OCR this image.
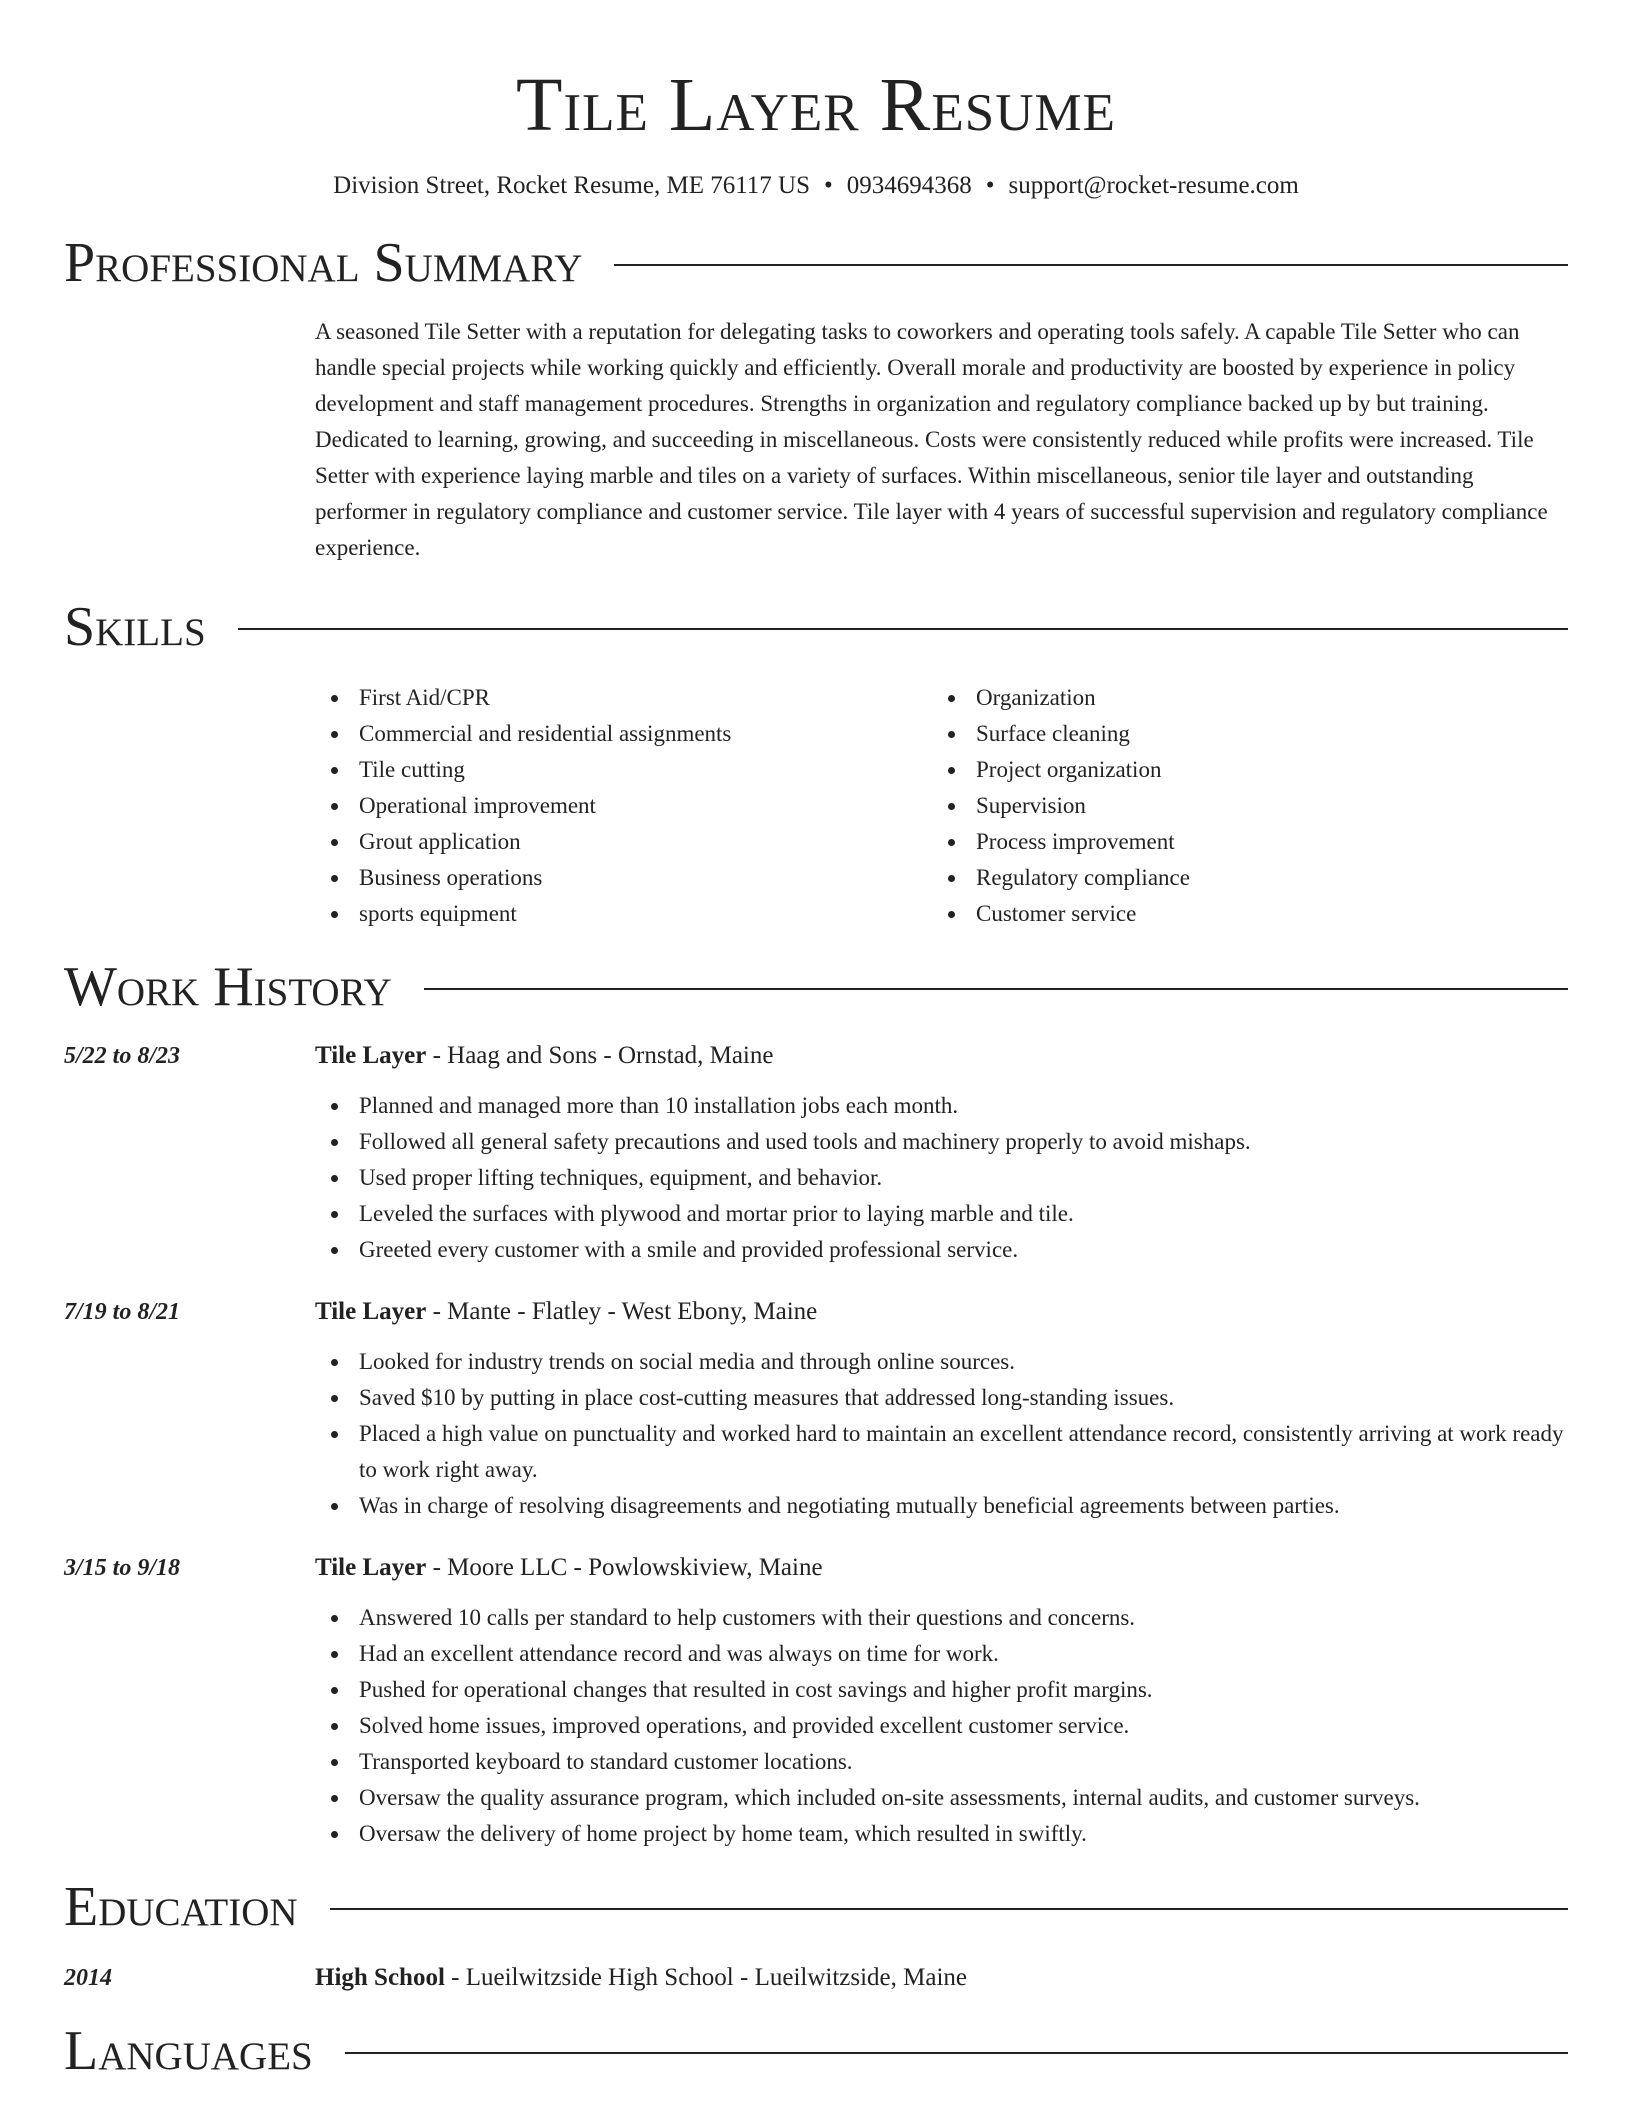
Tile Layer Resume
Division Street, Rocket Resume, ME 76117 US • 0934694368 • support@rocket-resume.com
Professional Summary
A seasoned Tile Setter with a reputation for delegating tasks to coworkers and operating tools safely. A capable Tile Setter who can handle special projects while working quickly and efficiently. Overall morale and productivity are boosted by experience in policy development and staff management procedures. Strengths in organization and regulatory compliance backed up by but training. Dedicated to learning, growing, and succeeding in miscellaneous. Costs were consistently reduced while profits were increased. Tile Setter with experience laying marble and tiles on a variety of surfaces. Within miscellaneous, senior tile layer and outstanding performer in regulatory compliance and customer service. Tile layer with 4 years of successful supervision and regulatory compliance experience.
Skills
First Aid/CPR
Commercial and residential assignments
Tile cutting
Operational improvement
Grout application
Business operations
sports equipment
Organization
Surface cleaning
Project organization
Supervision
Process improvement
Regulatory compliance
Customer service
Work History
5/22 to 8/23	Tile Layer - Haag and Sons - Ornstad, Maine
Planned and managed more than 10 installation jobs each month.
Followed all general safety precautions and used tools and machinery properly to avoid mishaps.
Used proper lifting techniques, equipment, and behavior.
Leveled the surfaces with plywood and mortar prior to laying marble and tile.
Greeted every customer with a smile and provided professional service.
7/19 to 8/21	Tile Layer - Mante - Flatley - West Ebony, Maine
Looked for industry trends on social media and through online sources.
Saved $10 by putting in place cost-cutting measures that addressed long-standing issues.
Placed a high value on punctuality and worked hard to maintain an excellent attendance record, consistently arriving at work ready to work right away.
Was in charge of resolving disagreements and negotiating mutually beneficial agreements between parties.
3/15 to 9/18	Tile Layer - Moore LLC - Powlowskiview, Maine
Answered 10 calls per standard to help customers with their questions and concerns.
Had an excellent attendance record and was always on time for work.
Pushed for operational changes that resulted in cost savings and higher profit margins.
Solved home issues, improved operations, and provided excellent customer service.
Transported keyboard to standard customer locations.
Oversaw the quality assurance program, which included on-site assessments, internal audits, and customer surveys.
Oversaw the delivery of home project by home team, which resulted in swiftly.
Education
2014	High School - Lueilwitzside High School - Lueilwitzside, Maine
Languages
